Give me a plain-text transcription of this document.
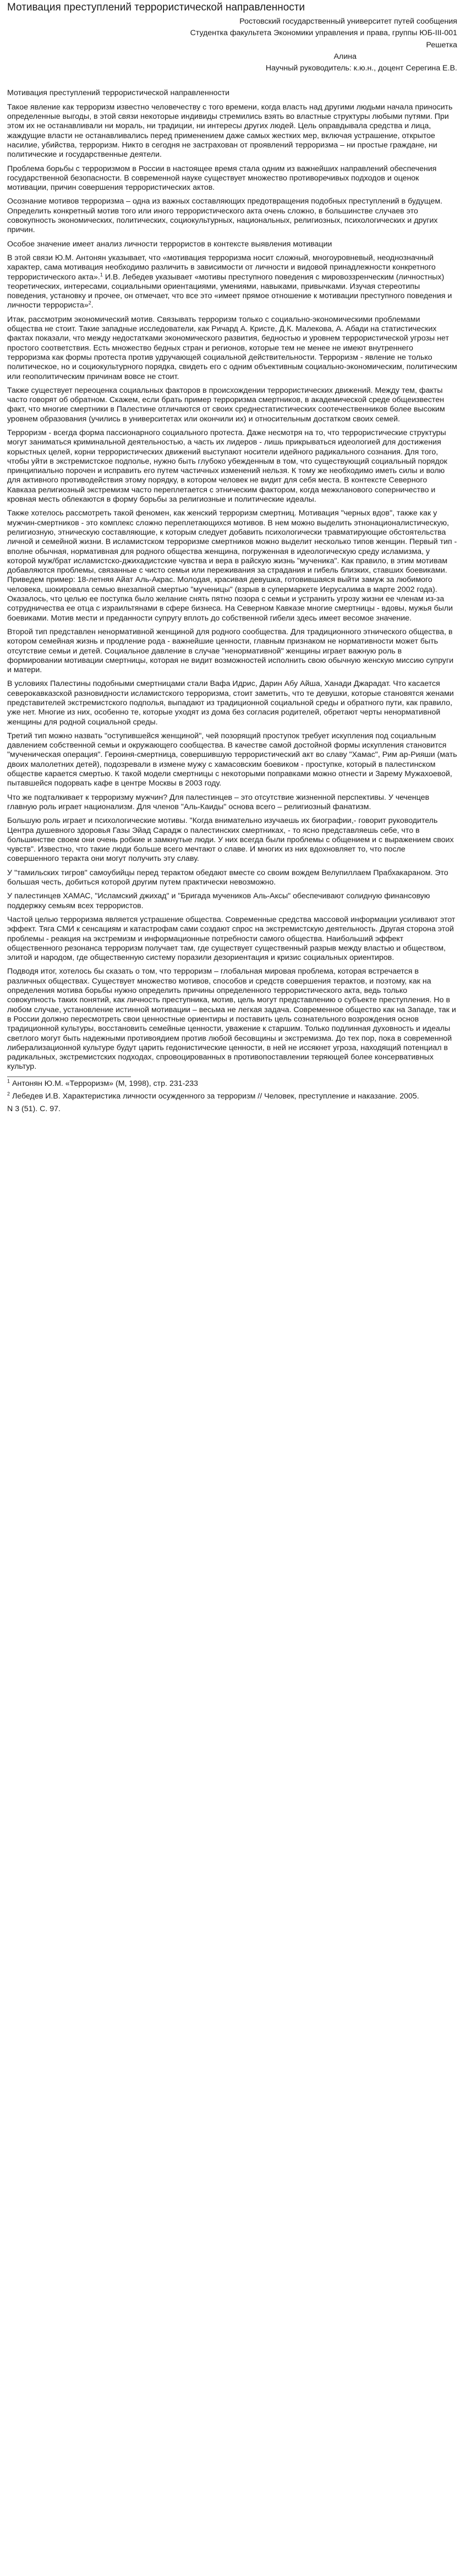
Мотивация преступлений террористической направленности
Ростовский государственный университет путей сообщения
Студентка факультета Экономики управления и права, группы ЮБ-III-001
Решетка
Алина
Научный руководитель: к.ю.н., доцент Серегина Е.В.
Мотивация преступлений террористической направленности

Такое явление как терроризм известно человечеству с того времени, когда власть над другими людьми начала приносить определенные выгоды, в этой связи некоторые индивиды стремились взять во властные структуры любыми путями. При этом их не останавливали ни мораль, ни традиции, ни интересы других людей. Цель оправдывала средства и лица, жаждущие власти не останавливались перед применением даже самых жестких мер, включая устрашение, открытое насилие, убийства, терроризм. Никто в сегодня не застрахован от проявлений терроризма – ни простые граждане, ни политические и государственные деятели.

Проблема борьбы с терроризмом в России в настоящее время стала одним из важнейших направлений обеспечения государственной безопасности. В современной науке существует множество противоречивых подходов и оценок мотивации, причин совершения террористических актов.

Осознание мотивов терроризма – одна из важных составляющих предотвращения подобных преступлений в будущем. Определить конкретный мотив того или иного террористического акта очень сложно, в большинстве случаев это совокупность экономических, политических, социокультурных, национальных, религиозных, психологических и других причин.

Особое значение имеет анализ личности террористов в контексте выявления мотивации

В этой связи Ю.М. Антонян указывает, что «мотивация терроризма носит сложный, многоуровневый, неоднозначный характер, сама мотивация необходимо различить в зависимости от личности и видовой принадлежности конкретного террористического акта».$^1$ И.В. Лебедев указывает «мотивы преступного поведения с мировоззренческим (личностных) теоретических, интересами, социальными ориентациями, умениями, навыками, привычками. Изучая стереотипы поведения, установку и прочее, он отмечает, что все это «имеет прямое отношение к мотивации преступного поведения и личности террориста»$^2$.

Итак, рассмотрим экономический мотив. Связывать терроризм только с социально-экономическими проблемами общества не стоит. Такие западные исследователи, как Ричард А. Кристе, Д.К. Малекова, А. Абади на статистических фактах показали, что между недостатками экономического развития, бедностью и уровнем террористической угрозы нет простого соответствия. Есть множество бедных стран и регионов, которые тем не менее не имеют внутреннего терроризма как формы протеста против удручающей социальной действительности. Терроризм - явление не только политическое, но и социокультурного порядка, свидеть его с одним объективным социально-экономическим, политическим или геополитическим причинам вовсе не стоит.

Также существует переоценка социальных факторов в происхождении террористических движений. Между тем, факты часто говорят об обратном. Скажем, если брать пример терроризма смертников, в академической среде общеизвестен факт, что многие смертники в Палестине отличаются от своих среднестатистических соотечественников более высоким уровнем образования (учились в университетах или окончили их) и относительным достатком своих семей.

Терроризм - всегда форма пассионарного социального протеста. Даже несмотря на то, что террористические структуры могут заниматься криминальной деятельностью, а часть их лидеров - лишь прикрываться идеологией для достижения корыстных целей, корни террористических движений выступают носители идейного радикального сознания. Для того, чтобы уйти в экстремистское подполье, нужно быть глубоко убежденным в том, что существующий социальный порядок принципиально порочен и исправить его путем частичных изменений нельзя. К тому же необходимо иметь силы и волю для активного противодействия этому порядку, в котором человек не видит для себя места. В контексте Северного Кавказа религиозный экстремизм часто переплетается с этническим фактором, когда межкланового соперничество и кровная месть облекаются в форму борьбы за религиозные и политические идеалы.

Также хотелось рассмотреть такой феномен, как женский терроризм смертниц. Мотивация "черных вдов", также как у мужчин-смертников - это комплекс сложно переплетающихся мотивов. В нем можно выделить этнонационалистическую, религиозную, этническую составляющие, к которым следует добавить психологически травматирующие обстоятельства личной и семейной жизни. В исламистском терроризме смертников можно выделит несколько типов женщин. Первый тип - вполне обычная, нормативная для родного общества женщина, погруженная в идеологическую среду исламизма, у которой муж/брат исламистско-джихадистские чувства и вера в райскую жизнь "мученика". Как правило, в этим мотивам добавляются проблемы, связанные с чисто семьи или переживания за страдания и гибель близких, ставших боевиками. Приведем пример: 18-летняя Айат Аль-Акрас. Молодая, красивая девушка, готовившаяся выйти замуж за любимого человека, шокировала семью внезапной смертью "мученицы" (взрыв в супермаркете Иерусалима в марте 2002 года). Оказалось, что целью ее поступка было желание снять пятно позора с семьи и устранить угрозу жизни ее членам из-за сотрудничества ее отца с израильтянами в сфере бизнеса. На Северном Кавказе многие смертницы - вдовы, мужья были боевиками. Мотив мести и преданности супругу вплоть до собственной гибели здесь имеет весомое значение.

Второй тип представлен ненормативной женщиной для родного сообщества. Для традиционного этнического общества, в котором семейная жизнь и продление рода - важнейшие ценности, главным признаком не нормативности может быть отсутствие семьи и детей. Социальное давление в случае "ненормативной" женщины играет важную роль в формировании мотивации смертницы, которая не видит возможностей исполнить свою обычную женскую миссию супруги и матери.

В условиях Палестины подобными смертницами стали Вафа Идрис, Дарин Абу Айша, Ханади Джарадат. Что касается северокавказской разновидности исламистского терроризма, стоит заметить, что те девушки, которые становятся женами представителей экстремистского подполья, выпадают из традиционной социальной среды и обратного пути, как правило, уже нет. Многие из них, особенно те, которые уходят из дома без согласия родителей, обретают черты ненормативной женщины для родной социальной среды.

Третий тип можно назвать "оступившейся женщиной", чей позорящий проступок требует искупления под социальным давлением собственной семьи и окружающего сообщества. В качестве самой достойной формы искупления становится "мученическая операция". Героиня-смертница, совершившую террористический акт во славу "Хамас", Рим ар-Рияши (мать двоих малолетних детей), подозревали в измене мужу с хамасовским боевиком - проступке, который в палестинском обществе карается смертью. К такой модели смертницы с некоторыми поправками можно отнести и Зарему Мужахоевой, пытавшейся подорвать кафе в центре Москвы в 2003 году.

Что же подталкивает к терроризму мужчин? Для палестинцев – это отсутствие жизненной перспективы. У чеченцев главную роль играет национализм. Для членов "Аль-Каиды" основа всего – религиозный фанатизм.

Большую роль играет и психологические мотивы. "Когда внимательно изучаешь их биографии,- говорит руководитель Центра душевного здоровья Газы Эйад Сарадж о палестинских смертниках, - то ясно представляешь себе, что в большинстве своем они очень робкие и замкнутые люди. У них всегда были проблемы с общением и с выражением своих чувств". Известно, что такие люди больше всего мечтают о славе. И многих из них вдохновляет то, что после совершенного теракта они могут получить эту славу.

У "тамильских тигров" самоубийцы перед терактом обедают вместе со своим вождем Велупиллаем Прабхакараном. Это большая честь, добиться которой другим путем практически невозможно.

У палестинцев ХАМАС, "Исламский джихад" и "Бригада мучеников Аль-Аксы" обеспечивают солидную финансовую поддержку семьям всех террористов.

Частой целью терроризма является устрашение общества. Современные средства массовой информации усиливают этот эффект. Тяга СМИ к сенсациям и катастрофам сами создают спрос на экстремистскую деятельность. Другая сторона этой проблемы - реакция на экстремизм и информационные потребности самого общества. Наибольший эффект общественного резонанса терроризм получает там, где существует существенный разрыв между властью и обществом, элитой и народом, где общественную систему поразили дезориентация и кризис социальных ориентиров.

Подводя итог, хотелось бы сказать о том, что терроризм – глобальная мировая проблема, которая встречается в различных обществах. Существует множество мотивов, способов и средств совершения терактов, и поэтому, как на определения мотива борьбы нужно определить причины определенного террористического акта, ведь только совокупность таких понятий, как личность преступника, мотив, цель могут представлению о субъекте преступления. Но в любом случае, установление истинной мотивации – весьма не легкая задача. Современное общество как на Западе, так и в России должно пересмотреть свои ценностные ориентиры и поставить цель сознательного возрождения основ традиционной культуры, восстановить семейные ценности, уважение к старшим. Только подлинная духовность и идеалы светлого могут быть надежными противоядием против любой бесовщины и экстремизма. До тех пор, пока в современной либерализационной культуре будут царить гедонистические ценности, в ней не иссякнет угроза, находящий потенциал в радикальных, экстремистских подходах, спровоцированных в противопоставлении теряющей более консервативных культур.

$^1$ Антонян Ю.М. «Терроризм» (М, 1998), стр. 231-233
$^2$ Лебедев И.В. Характеристика личности осужденного за терроризм // Человек, преступление и наказание. 2005.
N 3 (51). С. 97.
